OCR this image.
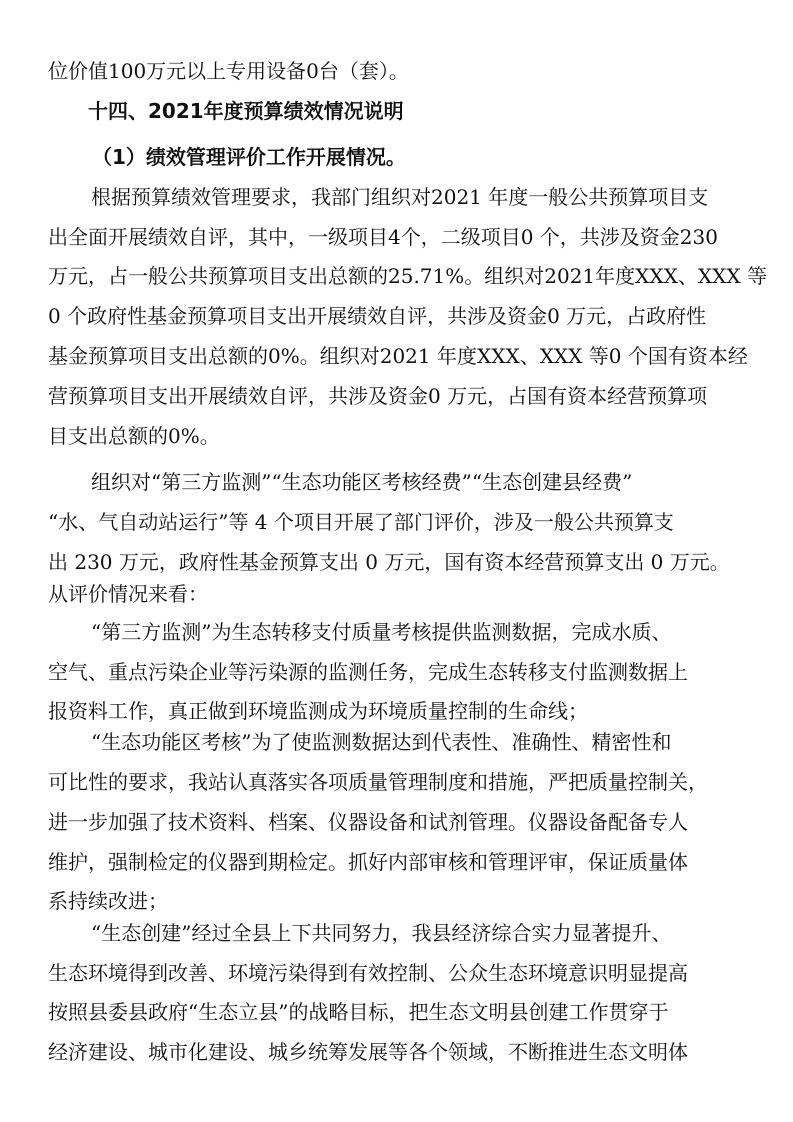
位价值100万元以上专用设备0台（套）。
十四、2021年度预算绩效情况说明
（1）绩效管理评价工作开展情况。
根据预算绩效管理要求，我部门组织对2021 年度一般公共预算项目支
出全面开展绩效自评，其中，一级项目4个，二级项目0 个，共涉及资金230
万元，占一般公共预算项目支出总额的25.71%。组织对2021年度XXX、XXX 等
0 个政府性基金预算项目支出开展绩效自评，共涉及资金0 万元，占政府性
基金预算项目支出总额的0%。组织对2021 年度XXX、XXX 等0 个国有资本经
营预算项目支出开展绩效自评，共涉及资金0 万元，占国有资本经营预算项
目支出总额的0%。
组织对“第三方监测”“生态功能区考核经费”“生态创建县经费”
“水、气自动站运行”等 4 个项目开展了部门评价，涉及一般公共预算支
出 230 万元，政府性基金预算支出 0 万元，国有资本经营预算支出 0 万元。
从评价情况来看：
“第三方监测”为生态转移支付质量考核提供监测数据，完成水质、
空气、重点污染企业等污染源的监测任务，完成生态转移支付监测数据上
报资料工作，真正做到环境监测成为环境质量控制的生命线；
“生态功能区考核”为了使监测数据达到代表性、准确性、精密性和
可比性的要求，我站认真落实各项质量管理制度和措施，严把质量控制关，
进一步加强了技术资料、档案、仪器设备和试剂管理。仪器设备配备专人
维护，强制检定的仪器到期检定。抓好内部审核和管理评审，保证质量体
系持续改进；
“生态创建”经过全县上下共同努力，我县经济综合实力显著提升、
生态环境得到改善、环境污染得到有效控制、公众生态环境意识明显提高
按照县委县政府“生态立县”的战略目标，把生态文明县创建工作贯穿于
经济建设、城市化建设、城乡统筹发展等各个领域，不断推进生态文明体
